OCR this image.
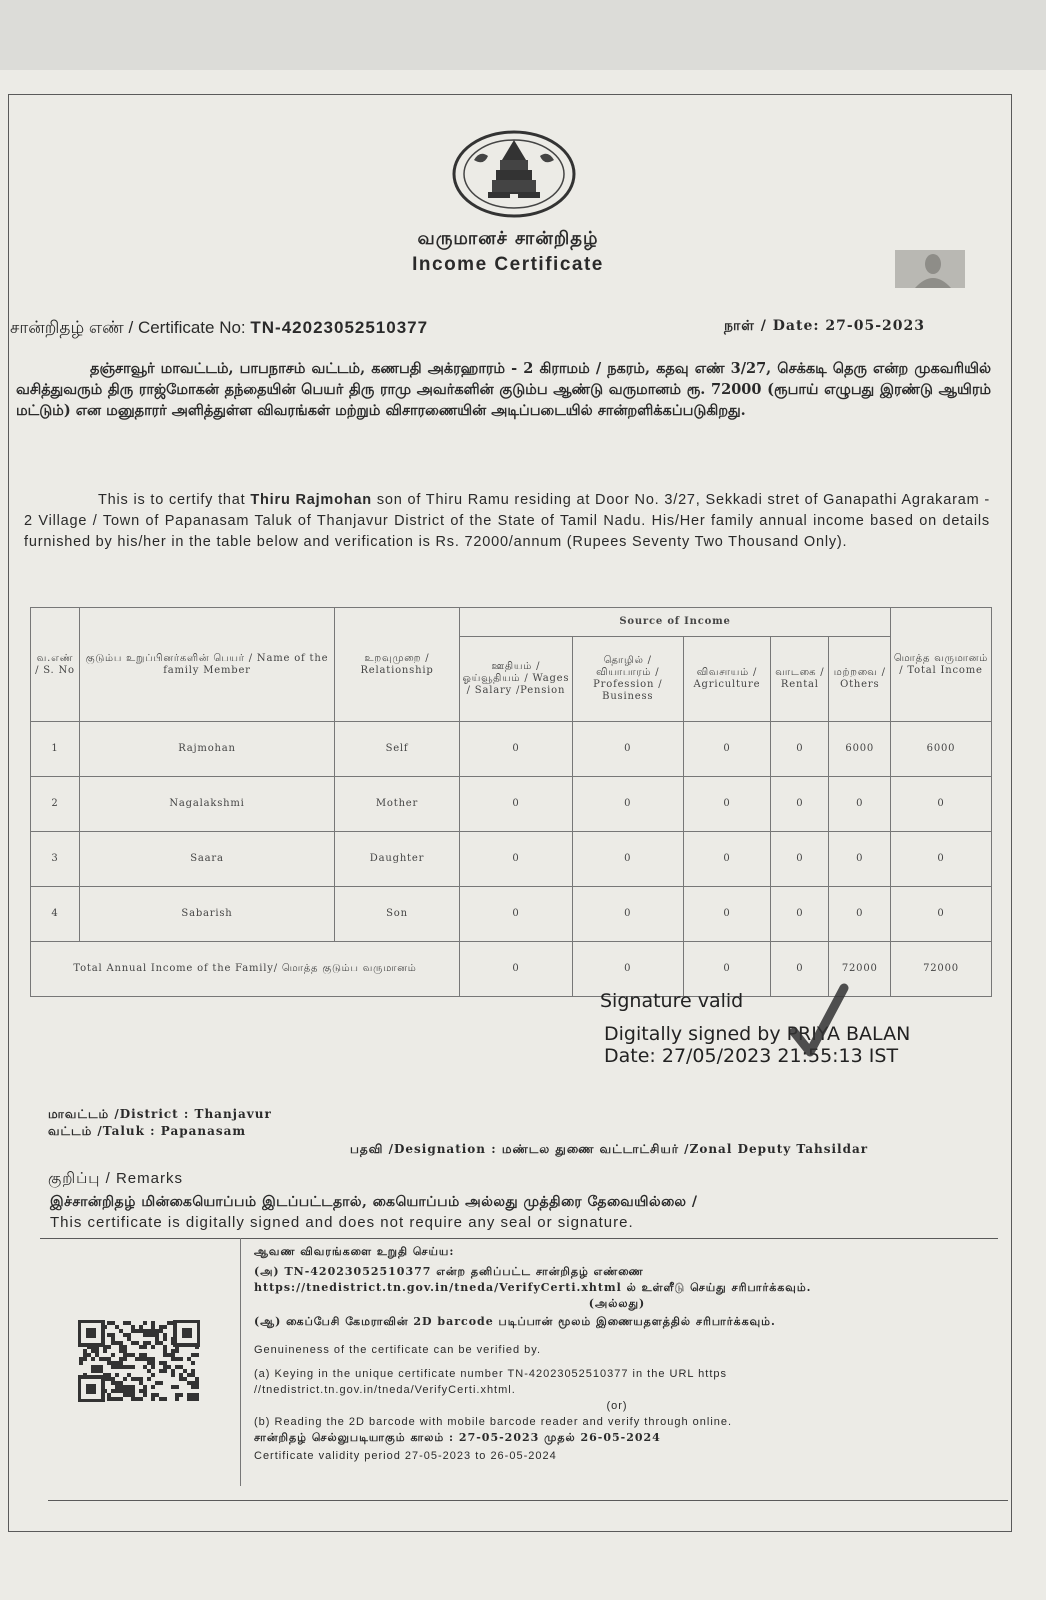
வருமானச் சான்றிதழ்
Income Certificate
சான்றிதழ் எண் / Certificate No: TN-42023052510377	நாள் / Date: 27-05-2023
தஞ்சாவூர் மாவட்டம், பாபநாசம் வட்டம், கணபதி அக்ரஹாரம் - 2 கிராமம் / நகரம், கதவு எண் 3/27, செக்கடி தெரு என்ற முகவரியில் வசித்துவரும் திரு ராஜ்மோகன் தந்தையின் பெயர் திரு ராமு அவர்களின் குடும்ப ஆண்டு வருமானம் ரூ. 72000 (ரூபாய் எழுபது இரண்டு ஆயிரம் மட்டும்) என மனுதாரர் அளித்துள்ள விவரங்கள் மற்றும் விசாரணையின் அடிப்படையில் சான்றளிக்கப்படுகிறது.
This is to certify that Thiru Rajmohan son of Thiru Ramu residing at Door No. 3/27, Sekkadi stret of Ganapathi Agrakaram - 2 Village / Town of Papanasam Taluk of Thanjavur District of the State of Tamil Nadu. His/Her family annual income based on details furnished by his/her in the table below and verification is Rs. 72000/annum (Rupees Seventy Two Thousand Only).
வ.எண் / S. No	குடும்ப உறுப்பினர்களின் பெயர் / Name of the family Member	உறவுமுறை / Relationship	Source of Income					மொத்த வருமானம் / Total Income
			ஊதியம் / ஓய்வூதியம் / Wages / Salary /Pension	தொழில் / வியாபாரம் / Profession / Business	விவசாயம் / Agriculture	வாடகை / Rental	மற்றவை / Others	
1	Rajmohan	Self	0	0	0	0	6000	6000
2	Nagalakshmi	Mother	0	0	0	0	0	0
3	Saara	Daughter	0	0	0	0	0	0
4	Sabarish	Son	0	0	0	0	0	0
Total Annual Income of the Family/ மொத்த குடும்ப வருமானம்			0	0	0	0	72000	72000
Signature valid
Digitally signed by PRIYA BALAN
Date: 27/05/2023 21:55:13 IST
மாவட்டம் /District : Thanjavur
வட்டம் /Taluk : Papanasam
பதவி /Designation : மண்டல துணை வட்டாட்சியர் /Zonal Deputy Tahsildar
குறிப்பு / Remarks
இச்சான்றிதழ் மின்கையொப்பம் இடப்பட்டதால், கையொப்பம் அல்லது முத்திரை தேவையில்லை /
This certificate is digitally signed and does not require any seal or signature.

ஆவண விவரங்களை உறுதி செய்ய:

(அ) TN-42023052510377 என்ற தனிப்பட்ட சான்றிதழ் எண்ணை https://tnedistrict.tn.gov.in/tneda/VerifyCerti.xhtml ல் உள்ளீடு செய்து சரிபார்க்கவும்.

(அல்லது)

(ஆ) கைப்பேசி கேமராவின் 2D barcode படிப்பான் மூலம் இணையதளத்தில் சரிபார்க்கவும்.

Genuineness of the certificate can be verified by.

(a) Keying in the unique certificate number TN-42023052510377 in the URL https //tnedistrict.tn.gov.in/tneda/VerifyCerti.xhtml.

(or)

(b) Reading the 2D barcode with mobile barcode reader and verify through online.

சான்றிதழ் செல்லுபடியாகும் காலம் : 27-05-2023 முதல் 26-05-2024

Certificate validity period 27-05-2023 to 26-05-2024
